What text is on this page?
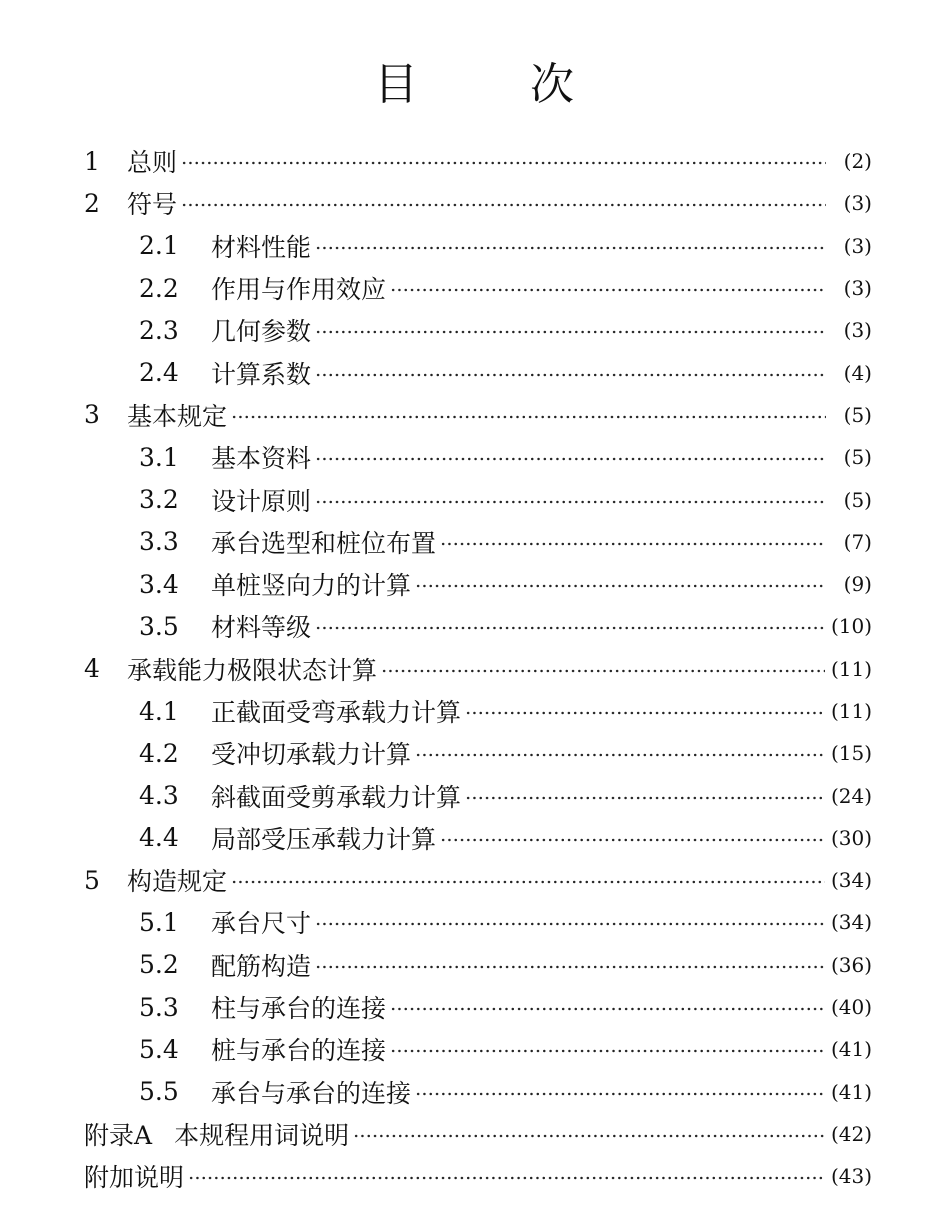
目	次
1	总则	(2)
2	符号	(3)
2.1	材料性能	(3)
2.2	作用与作用效应	(3)
2.3	几何参数	(3)
2.4	计算系数	(4)
3	基本规定	(5)
3.1	基本资料	(5)
3.2	设计原则	(5)
3.3	承台选型和桩位布置	(7)
3.4	单桩竖向力的计算	(9)
3.5	材料等级	(10)
4	承载能力极限状态计算	(11)
4.1	正截面受弯承载力计算	(11)
4.2	受冲切承载力计算	(15)
4.3	斜截面受剪承载力计算	(24)
4.4	局部受压承载力计算	(30)
5	构造规定	(34)
5.1	承台尺寸	(34)
5.2	配筋构造	(36)
5.3	柱与承台的连接	(40)
5.4	桩与承台的连接	(41)
5.5	承台与承台的连接	(41)
附录A 本规程用词说明	(42)
附加说明	(43)
